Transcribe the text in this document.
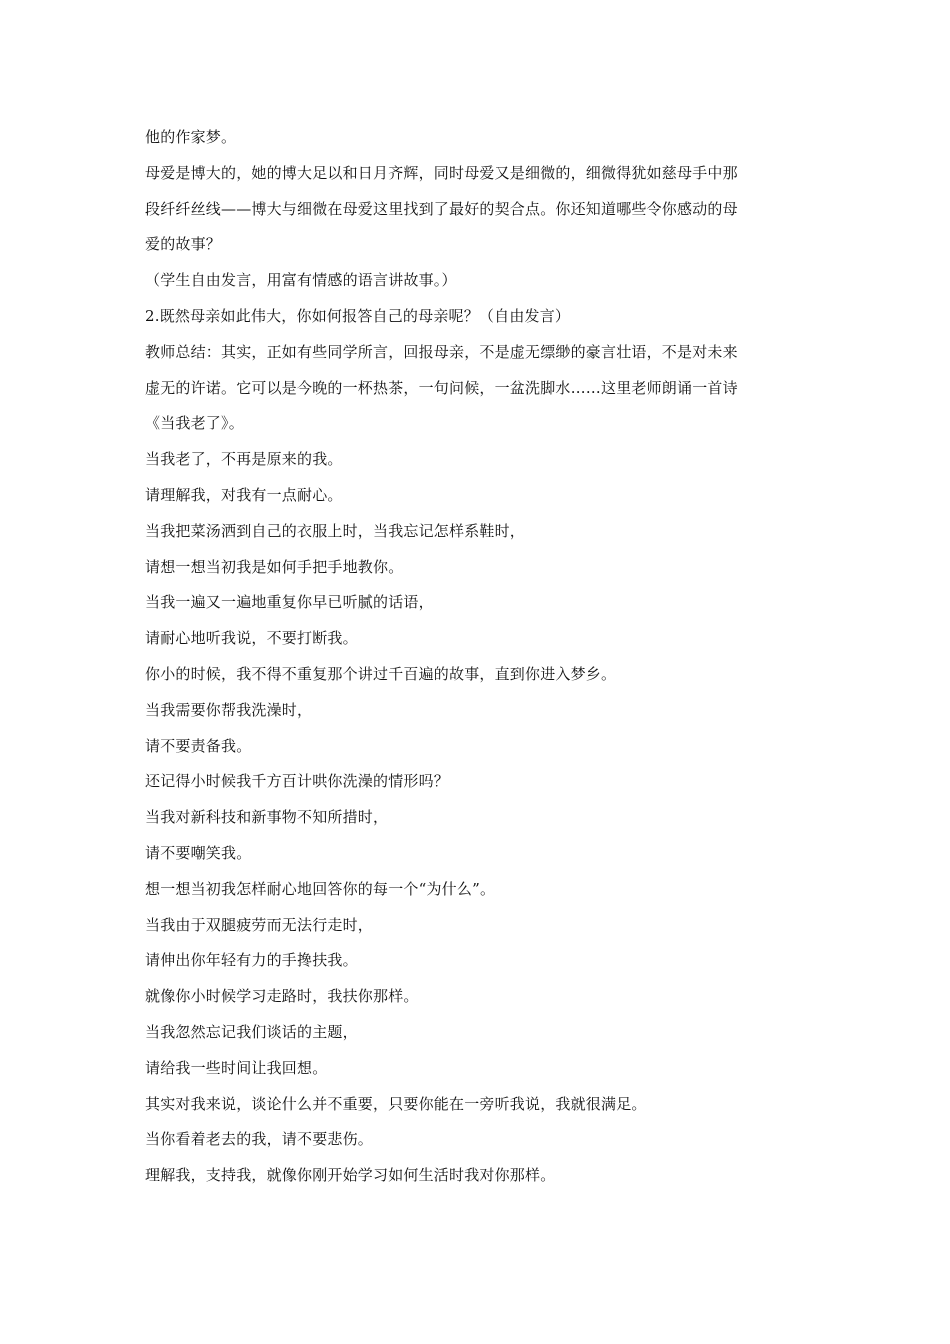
他的作家梦。

母爱是博大的，她的博大足以和日月齐辉，同时母爱又是细微的，细微得犹如慈母手中那段纤纤丝线——博大与细微在母爱这里找到了最好的契合点。你还知道哪些令你感动的母爱的故事？

（学生自由发言，用富有情感的语言讲故事。）

2.既然母亲如此伟大，你如何报答自己的母亲呢？（自由发言）

教师总结：其实，正如有些同学所言，回报母亲，不是虚无缥缈的豪言壮语，不是对未来虚无的许诺。它可以是今晚的一杯热茶，一句问候，一盆洗脚水……这里老师朗诵一首诗《当我老了》。

当我老了，不再是原来的我。

请理解我，对我有一点耐心。

当我把菜汤洒到自己的衣服上时，当我忘记怎样系鞋时，

请想一想当初我是如何手把手地教你。

当我一遍又一遍地重复你早已听腻的话语，

请耐心地听我说，不要打断我。

你小的时候，我不得不重复那个讲过千百遍的故事，直到你进入梦乡。

当我需要你帮我洗澡时，

请不要责备我。

还记得小时候我千方百计哄你洗澡的情形吗？

当我对新科技和新事物不知所措时，

请不要嘲笑我。

想一想当初我怎样耐心地回答你的每一个“为什么”。

当我由于双腿疲劳而无法行走时，

请伸出你年轻有力的手搀扶我。

就像你小时候学习走路时，我扶你那样。

当我忽然忘记我们谈话的主题，

请给我一些时间让我回想。

其实对我来说，谈论什么并不重要，只要你能在一旁听我说，我就很满足。

当你看着老去的我，请不要悲伤。

理解我，支持我，就像你刚开始学习如何生活时我对你那样。
